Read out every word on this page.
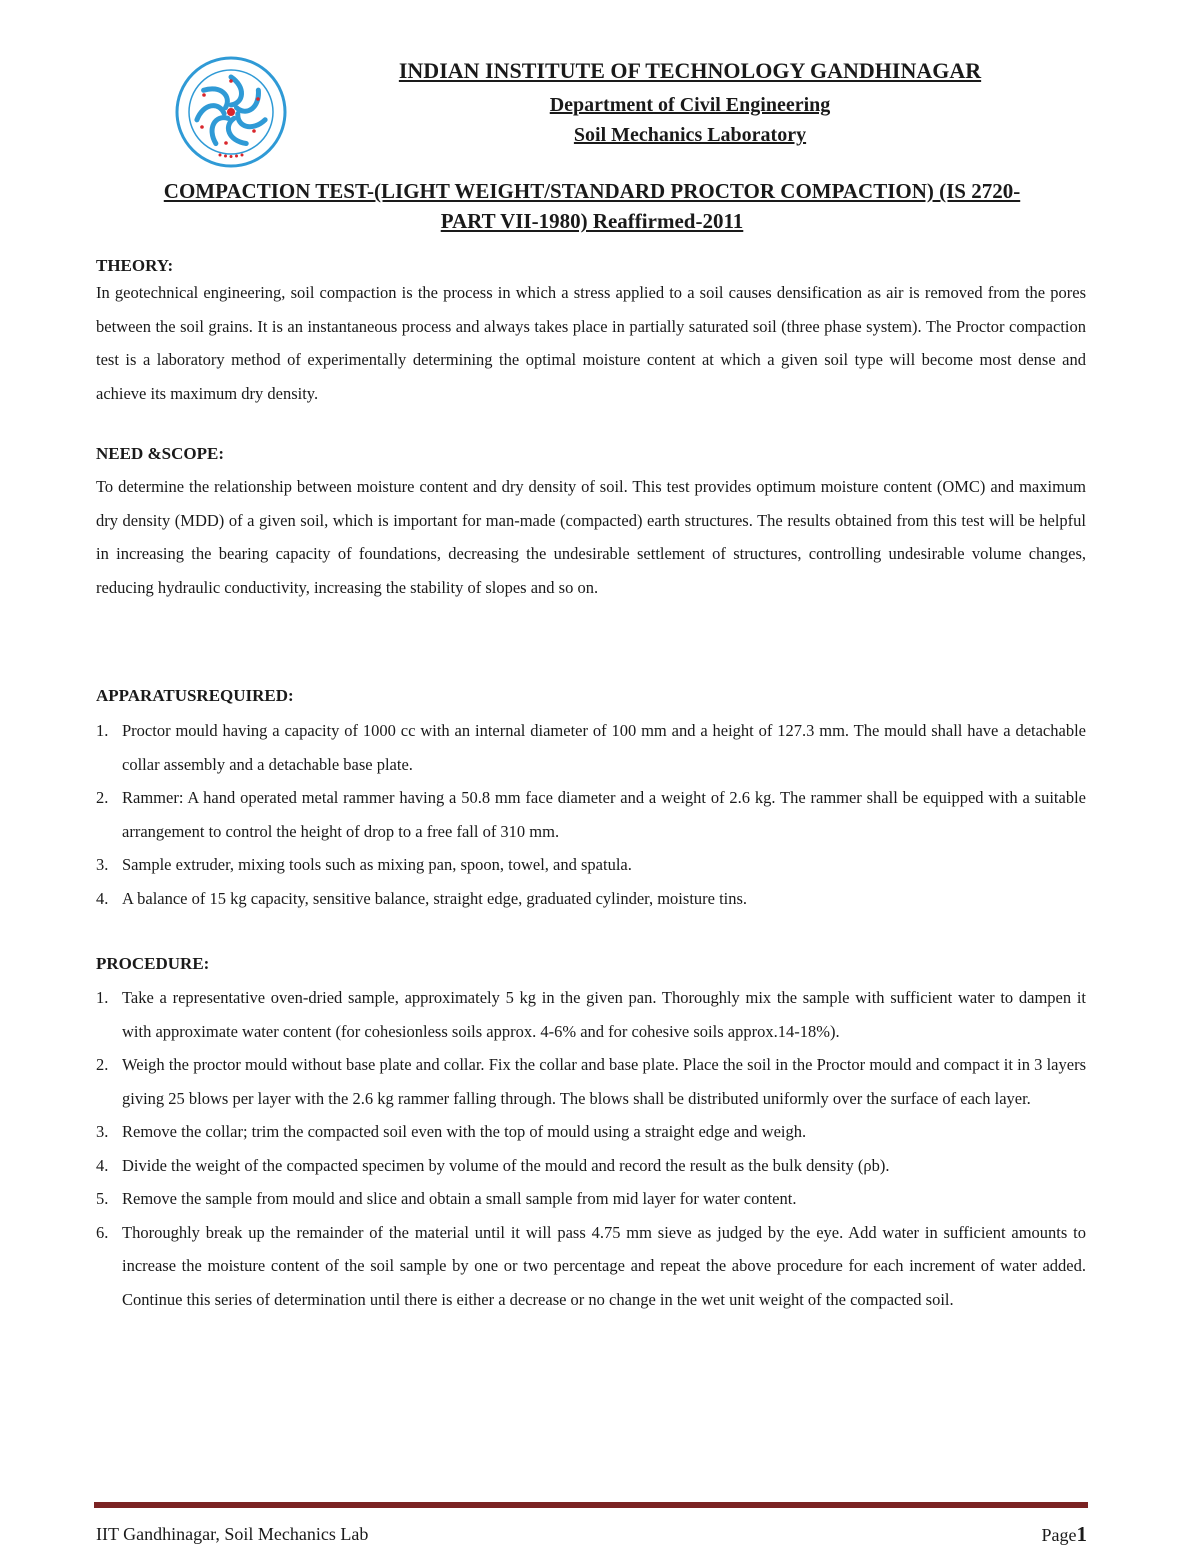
INDIAN INSTITUTE OF TECHNOLOGY GANDHINAGAR

Department of Civil Engineering

Soil Mechanics Laboratory

COMPACTION TEST-(LIGHT WEIGHT/STANDARD PROCTOR COMPACTION) (IS 2720-
PART VII-1980) Reaffirmed-2011

THEORY:

In geotechnical engineering, soil compaction is the process in which a stress applied to a soil causes densification as air is removed from the pores between the soil grains. It is an instantaneous process and always takes place in partially saturated soil (three phase system). The Proctor compaction test is a laboratory method of experimentally determining the optimal moisture content at which a given soil type will become most dense and achieve its maximum dry density.

NEED &SCOPE:

To determine the relationship between moisture content and dry density of soil. This test provides optimum moisture content (OMC) and maximum dry density (MDD) of a given soil, which is important for man-made (compacted) earth structures. The results obtained from this test will be helpful in increasing the bearing capacity of foundations, decreasing the undesirable settlement of structures, controlling undesirable volume changes, reducing hydraulic conductivity, increasing the stability of slopes and so on.

APPARATUSREQUIRED:

1. Proctor mould having a capacity of 1000 cc with an internal diameter of 100 mm and a height of 127.3 mm. The mould shall have a detachable collar assembly and a detachable base plate.
2. Rammer: A hand operated metal rammer having a 50.8 mm face diameter and a weight of 2.6 kg. The rammer shall be equipped with a suitable arrangement to control the height of drop to a free fall of 310 mm.
3. Sample extruder, mixing tools such as mixing pan, spoon, towel, and spatula.
4. A balance of 15 kg capacity, sensitive balance, straight edge, graduated cylinder, moisture tins.

PROCEDURE:

1. Take a representative oven-dried sample, approximately 5 kg in the given pan. Thoroughly mix the sample with sufficient water to dampen it with approximate water content (for cohesionless soils approx. 4-6% and for cohesive soils approx.14-18%).
2. Weigh the proctor mould without base plate and collar. Fix the collar and base plate. Place the soil in the Proctor mould and compact it in 3 layers giving 25 blows per layer with the 2.6 kg rammer falling through. The blows shall be distributed uniformly over the surface of each layer.
3. Remove the collar; trim the compacted soil even with the top of mould using a straight edge and weigh.
4. Divide the weight of the compacted specimen by volume of the mould and record the result as the bulk density (ρb).
5. Remove the sample from mould and slice and obtain a small sample from mid layer for water content.
6. Thoroughly break up the remainder of the material until it will pass 4.75 mm sieve as judged by the eye. Add water in sufficient amounts to increase the moisture content of the soil sample by one or two percentage and repeat the above procedure for each increment of water added. Continue this series of determination until there is either a decrease or no change in the wet unit weight of the compacted soil.
IIT Gandhinagar, Soil Mechanics Lab	Page1
